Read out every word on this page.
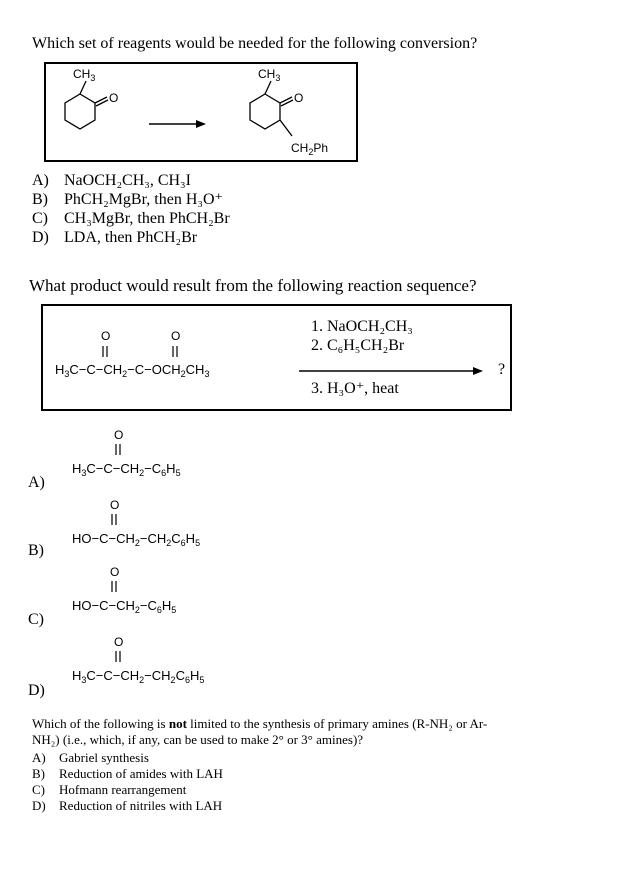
Which set of reagents would be needed for the following conversion?
$CH_3$
O
$CH_3$
O
$CH_2Ph$
A) NaOCH₂CH₃, CH₃I
B) PhCH₂MgBr, then H₃O⁺
C) CH₃MgBr, then PhCH₂Br
D) LDA, then PhCH₂Br
What product would result from the following reaction sequence?
O	O
$H_3C-C-CH_2-C-OCH_2CH_3$
1. NaOCH₂CH₃
2. C₆H₅CH₂Br
3. H₃O⁺, heat
?
A)
O
$H_3C-C-CH_2-C_6H_5$
B)
O
$HO-C-CH_2-CH_2C_6H_5$
C)
O
$HO-C-CH_2-C_6H_5$
D)
O
$H_3C-C-CH_2-CH_2C_6H_5$
Which of the following is not limited to the synthesis of primary amines (R-NH₂ or Ar-
NH₂) (i.e., which, if any, can be used to make 2° or 3° amines)?
A) Gabriel synthesis
B) Reduction of amides with LAH
C) Hofmann rearrangement
D) Reduction of nitriles with LAH
